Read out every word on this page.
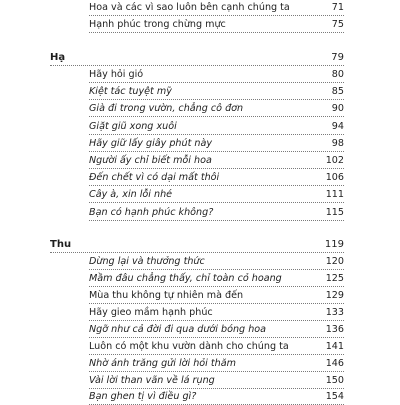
Hoa và các vì sao luôn bên cạnh chúng ta	71
Hạnh phúc trong chừng mực	75
Hạ	79
Hãy hỏi gió	80
Kiệt tác tuyệt mỹ	85
Già đi trong vườn, chẳng cô đơn	90
Giặt giũ xong xuôi	94
Hãy giữ lấy giây phút này	98
Người ấy chỉ biết mỗi hoa	102
Đến chết vì có dại mất thôi	106
Cây à, xin lỗi nhé	111
Bạn có hạnh phúc không?	115
Thu	119
Dừng lại và thưởng thức	120
Mầm đâu chẳng thấy, chỉ toàn cỏ hoang	125
Mùa thu không tự nhiên mà đến	129
Hãy gieo mầm hạnh phúc	133
Ngỡ như cả đời đi qua dưới bóng hoa	136
Luôn có một khu vườn dành cho chúng ta	141
Nhờ ánh trăng gửi lời hỏi thăm	146
Vài lời than vãn về lá rụng	150
Bạn ghen tị vì điều gì?	154
